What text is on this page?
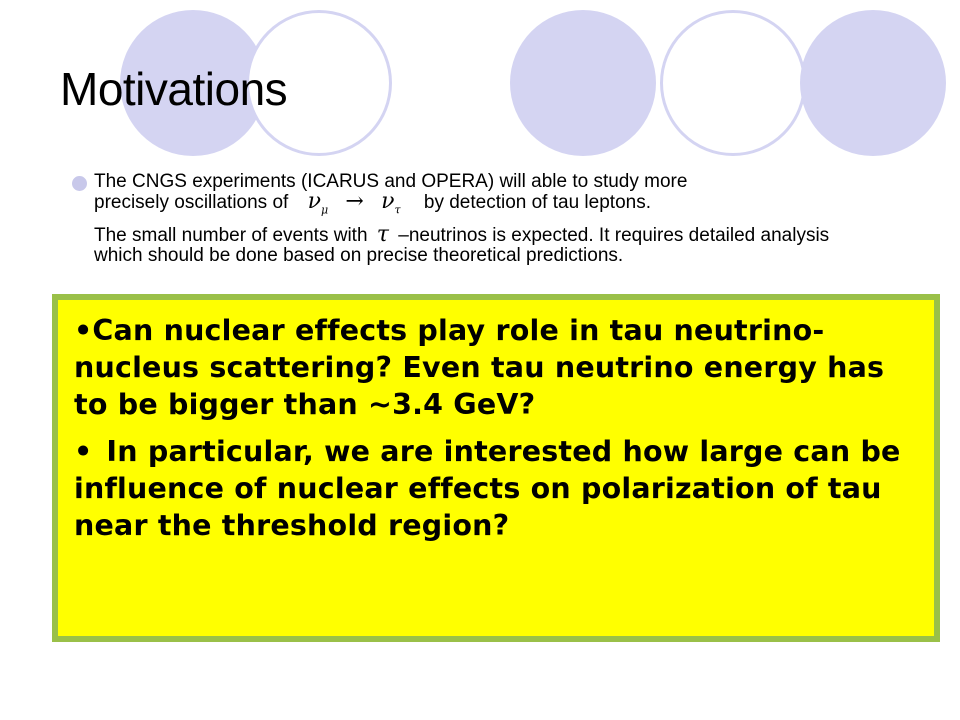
Motivations
The CNGS experiments (ICARUS and OPERA) will able to study more
precisely oscillations of $\nu_\mu \to \nu_\tau$ by detection of tau leptons.
The small number of events with τ –neutrinos is expected. It requires detailed analysis which should be done based on precise theoretical predictions.

•Can nuclear effects play role in tau neutrino-nucleus scattering? Even tau neutrino energy has to be bigger than ~3.4 GeV?

• In particular, we are interested how large can be influence of nuclear effects on polarization of tau near the threshold region?
